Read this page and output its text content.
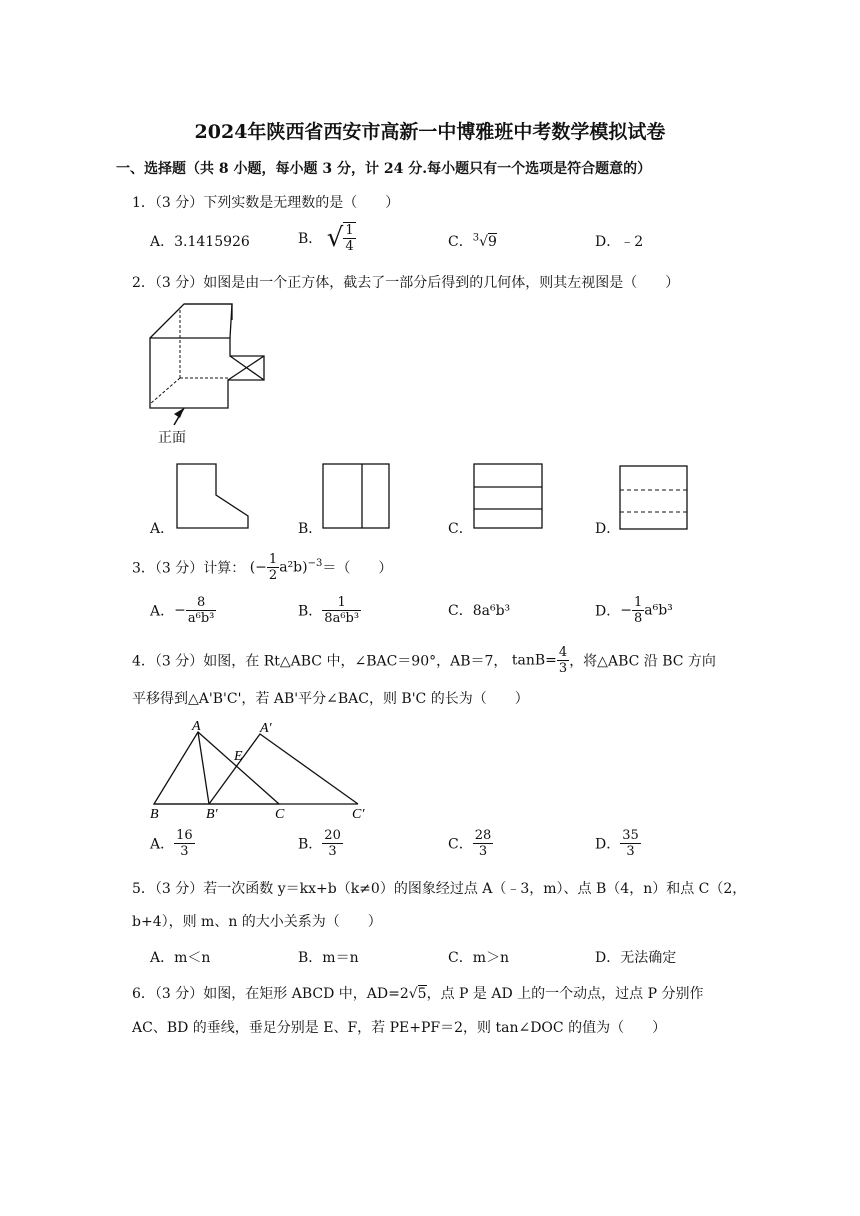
2024年陕西省西安市高新一中博雅班中考数学模拟试卷
一、选择题（共 8 小题，每小题 3 分，计 24 分.每小题只有一个选项是符合题意的）
1．（3 分）下列实数是无理数的是（　　）
A．3.1415926	B． √ $\frac{1}{4}$	C．$^3$√9	D．﹣2
2．（3 分）如图是由一个正方体，截去了一部分后得到的几何体，则其左视图是（　　）
正面
A．	B．	C．	D．
3．（3 分）计算： (− $\frac{1}{2} a^2b)^{-3}=$（　　）
A．− $\frac{8}{\text{a⁶b³}}$	B． $\frac{1}{\text{8a⁶b³}}$	C．8a⁶b³	D．− $\frac{1}{8} a^6b^3$
4．（3 分）如图，在 Rt△ABC 中，∠BAC＝90°，AB＝7， $\tan B= \frac{4}{3}$ ，将△ABC 沿 BC 方向
平移得到△A'B'C'，若 AB'平分∠BAC，则 B'C 的长为（　　）
A	A′
E
B	B′	C	C′
A． $\frac{16}{3}$	B． $\frac{20}{3}$	C． $\frac{28}{3}$	D． $\frac{35}{3}$
5．（3 分）若一次函数 y＝kx+b（k≠0）的图象经过点 A（﹣3，m）、点 B（4，n）和点 C（2，
b+4），则 m、n 的大小关系为（　　）
A．m＜n	B．m＝n	C．m＞n	D．无法确定
6．（3 分）如图，在矩形 ABCD 中，AD=2√5，点 P 是 AD 上的一个动点，过点 P 分别作
AC、BD 的垂线，垂足分别是 E、F，若 PE+PF＝2，则 tan∠DOC 的值为（　　）
